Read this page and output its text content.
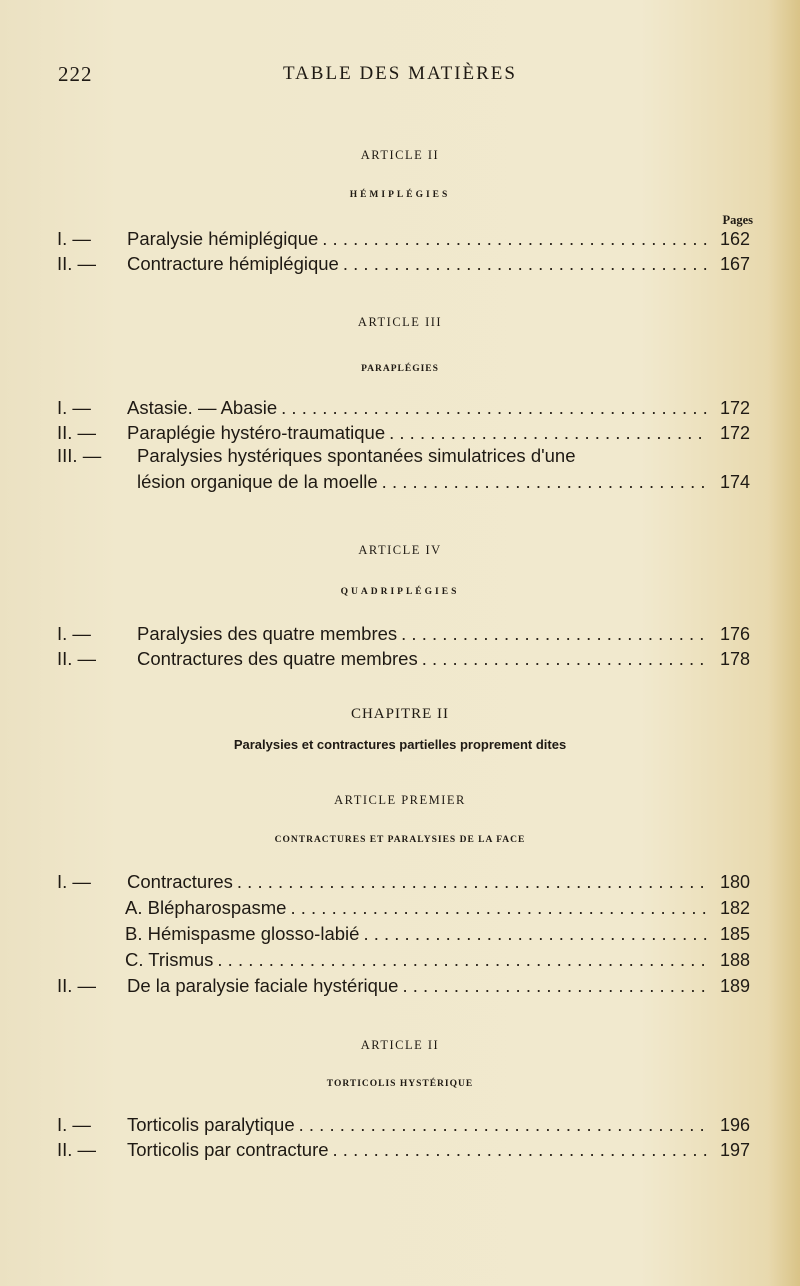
222	TABLE DES MATIÈRES
ARTICLE II
HÉMIPLÉGIES
Pages
I. —	Paralysie hémiplégique . . .	162
II. —	Contracture hémiplégique . . .	167
ARTICLE III
PARAPLÉGIES
I. —	Astasie. — Abasie . . .	172
II. —	Paraplégie hystéro-traumatique . . .	172
III. — Paralysies hystériques spontanées simulatrices d'une
lésion organique de la moelle . . .	174
ARTICLE IV
QUADRIPLÉGIES
I. —	Paralysies des quatre membres . . .	176
II. —	Contractures des quatre membres . . .	178
CHAPITRE II
Paralysies et contractures partielles proprement dites
ARTICLE PREMIER
CONTRACTURES ET PARALYSIES DE LA FACE
I. —	Contractures . . .	180
A. Blépharospasme . . .	182
B. Hémispasme glosso-labié . . .	185
C. Trismus . . .	188
II. —	De la paralysie faciale hystérique . . .	189
ARTICLE II
TORTICOLIS HYSTÉRIQUE
I. —	Torticolis paralytique . . .	196
II. —	Torticolis par contracture . . .	197
